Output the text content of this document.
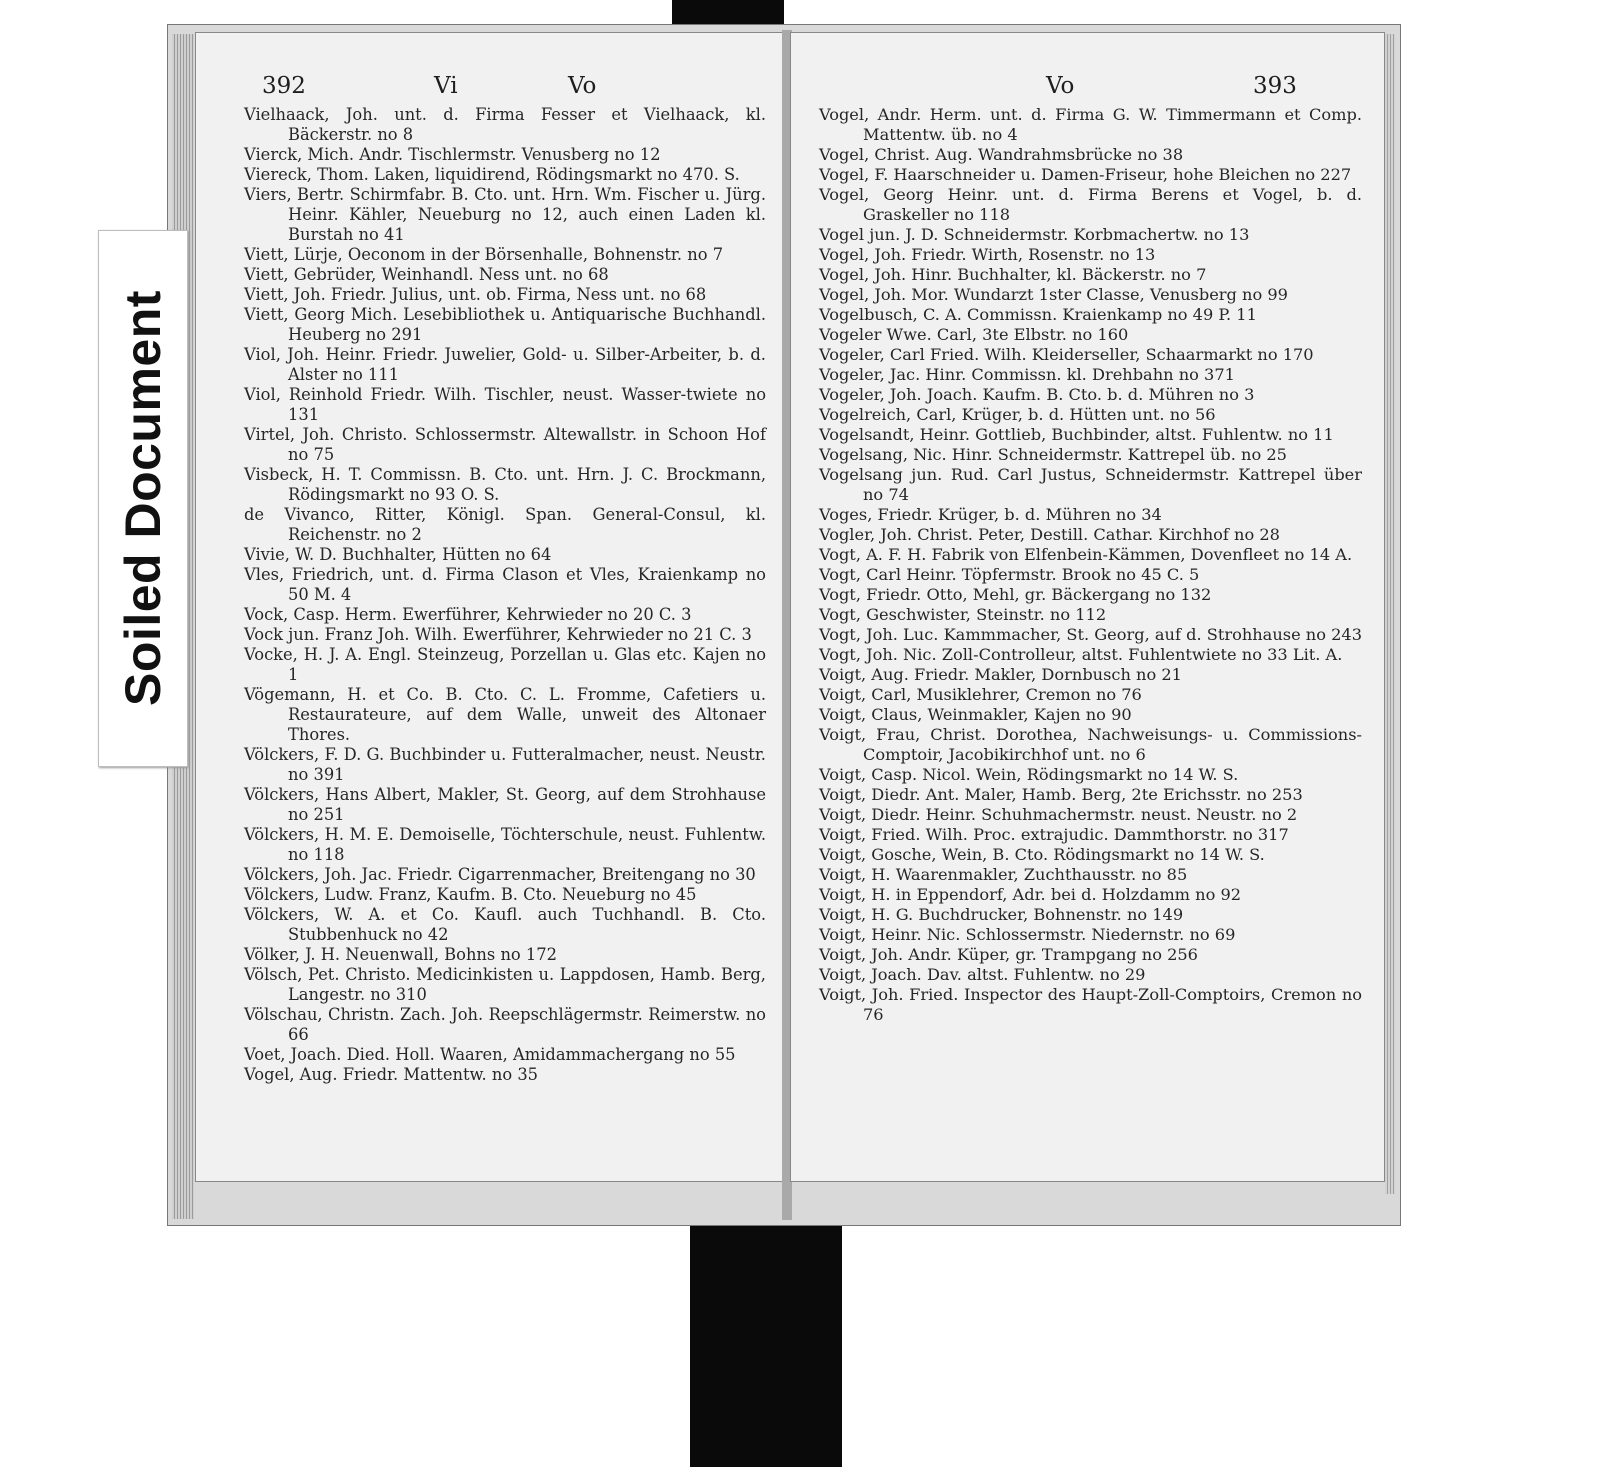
392	Vi	Vo
Vielhaack, Joh. unt. d. Firma Fesser et Vielhaack, kl. Bäckerstr. no 8
Vierck, Mich. Andr. Tischlermstr. Venusberg no 12
Viereck, Thom. Laken, liquidirend, Rödingsmarkt no 470. S.
Viers, Bertr. Schirmfabr. B. Cto. unt. Hrn. Wm. Fischer u. Jürg. Heinr. Kähler, Neueburg no 12, auch einen Laden kl. Burstah no 41
Viett, Lürje, Oeconom in der Börsenhalle, Bohnenstr. no 7
Viett, Gebrüder, Weinhandl. Ness unt. no 68
Viett, Joh. Friedr. Julius, unt. ob. Firma, Ness unt. no 68
Viett, Georg Mich. Lesebibliothek u. Antiquarische Buchhandl. Heuberg no 291
Viol, Joh. Heinr. Friedr. Juwelier, Gold- u. Silber-Arbeiter, b. d. Alster no 111
Viol, Reinhold Friedr. Wilh. Tischler, neust. Wasser-twiete no 131
Virtel, Joh. Christo. Schlossermstr. Altewallstr. in Schoon Hof no 75
Visbeck, H. T. Commissn. B. Cto. unt. Hrn. J. C. Brockmann, Rödingsmarkt no 93 O. S.
de Vivanco, Ritter, Königl. Span. General-Consul, kl. Reichenstr. no 2
Vivie, W. D. Buchhalter, Hütten no 64
Vles, Friedrich, unt. d. Firma Clason et Vles, Kraienkamp no 50 M. 4
Vock, Casp. Herm. Ewerführer, Kehrwieder no 20 C. 3
Vock jun. Franz Joh. Wilh. Ewerführer, Kehrwieder no 21 C. 3
Vocke, H. J. A. Engl. Steinzeug, Porzellan u. Glas etc. Kajen no 1
Vögemann, H. et Co. B. Cto. C. L. Fromme, Cafetiers u. Restaurateure, auf dem Walle, unweit des Altonaer Thores.
Völckers, F. D. G. Buchbinder u. Futteralmacher, neust. Neustr. no 391
Völckers, Hans Albert, Makler, St. Georg, auf dem Strohhause no 251
Völckers, H. M. E. Demoiselle, Töchterschule, neust. Fuhlentw. no 118
Völckers, Joh. Jac. Friedr. Cigarrenmacher, Breitengang no 30
Völckers, Ludw. Franz, Kaufm. B. Cto. Neueburg no 45
Völckers, W. A. et Co. Kaufl. auch Tuchhandl. B. Cto. Stubbenhuck no 42
Völker, J. H. Neuenwall, Bohns no 172
Völsch, Pet. Christo. Medicinkisten u. Lappdosen, Hamb. Berg, Langestr. no 310
Völschau, Christn. Zach. Joh. Reepschlägermstr. Reimerstw. no 66
Voet, Joach. Died. Holl. Waaren, Amidammachergang no 55
Vogel, Aug. Friedr. Mattentw. no 35
Vo	393
Vogel, Andr. Herm. unt. d. Firma G. W. Timmermann et Comp. Mattentw. üb. no 4
Vogel, Christ. Aug. Wandrahmsbrücke no 38
Vogel, F. Haarschneider u. Damen-Friseur, hohe Bleichen no 227
Vogel, Georg Heinr. unt. d. Firma Berens et Vogel, b. d. Graskeller no 118
Vogel jun. J. D. Schneidermstr. Korbmachertw. no 13
Vogel, Joh. Friedr. Wirth, Rosenstr. no 13
Vogel, Joh. Hinr. Buchhalter, kl. Bäckerstr. no 7
Vogel, Joh. Mor. Wundarzt 1ster Classe, Venusberg no 99
Vogelbusch, C. A. Commissn. Kraienkamp no 49 P. 11
Vogeler Wwe. Carl, 3te Elbstr. no 160
Vogeler, Carl Fried. Wilh. Kleiderseller, Schaarmarkt no 170
Vogeler, Jac. Hinr. Commissn. kl. Drehbahn no 371
Vogeler, Joh. Joach. Kaufm. B. Cto. b. d. Mühren no 3
Vogelreich, Carl, Krüger, b. d. Hütten unt. no 56
Vogelsandt, Heinr. Gottlieb, Buchbinder, altst. Fuhlentw. no 11
Vogelsang, Nic. Hinr. Schneidermstr. Kattrepel üb. no 25
Vogelsang jun. Rud. Carl Justus, Schneidermstr. Kattrepel über no 74
Voges, Friedr. Krüger, b. d. Mühren no 34
Vogler, Joh. Christ. Peter, Destill. Cathar. Kirchhof no 28
Vogt, A. F. H. Fabrik von Elfenbein-Kämmen, Dovenfleet no 14 A.
Vogt, Carl Heinr. Töpfermstr. Brook no 45 C. 5
Vogt, Friedr. Otto, Mehl, gr. Bäckergang no 132
Vogt, Geschwister, Steinstr. no 112
Vogt, Joh. Luc. Kammmacher, St. Georg, auf d. Strohhause no 243
Vogt, Joh. Nic. Zoll-Controlleur, altst. Fuhlentwiete no 33 Lit. A.
Voigt, Aug. Friedr. Makler, Dornbusch no 21
Voigt, Carl, Musiklehrer, Cremon no 76
Voigt, Claus, Weinmakler, Kajen no 90
Voigt, Frau, Christ. Dorothea, Nachweisungs- u. Commissions-Comptoir, Jacobikirchhof unt. no 6
Voigt, Casp. Nicol. Wein, Rödingsmarkt no 14 W. S.
Voigt, Diedr. Ant. Maler, Hamb. Berg, 2te Erichsstr. no 253
Voigt, Diedr. Heinr. Schuhmachermstr. neust. Neustr. no 2
Voigt, Fried. Wilh. Proc. extrajudic. Dammthorstr. no 317
Voigt, Gosche, Wein, B. Cto. Rödingsmarkt no 14 W. S.
Voigt, H. Waarenmakler, Zuchthausstr. no 85
Voigt, H. in Eppendorf, Adr. bei d. Holzdamm no 92
Voigt, H. G. Buchdrucker, Bohnenstr. no 149
Voigt, Heinr. Nic. Schlossermstr. Niedernstr. no 69
Voigt, Joh. Andr. Küper, gr. Trampgang no 256
Voigt, Joach. Dav. altst. Fuhlentw. no 29
Voigt, Joh. Fried. Inspector des Haupt-Zoll-Comptoirs, Cremon no 76
Soiled Document
